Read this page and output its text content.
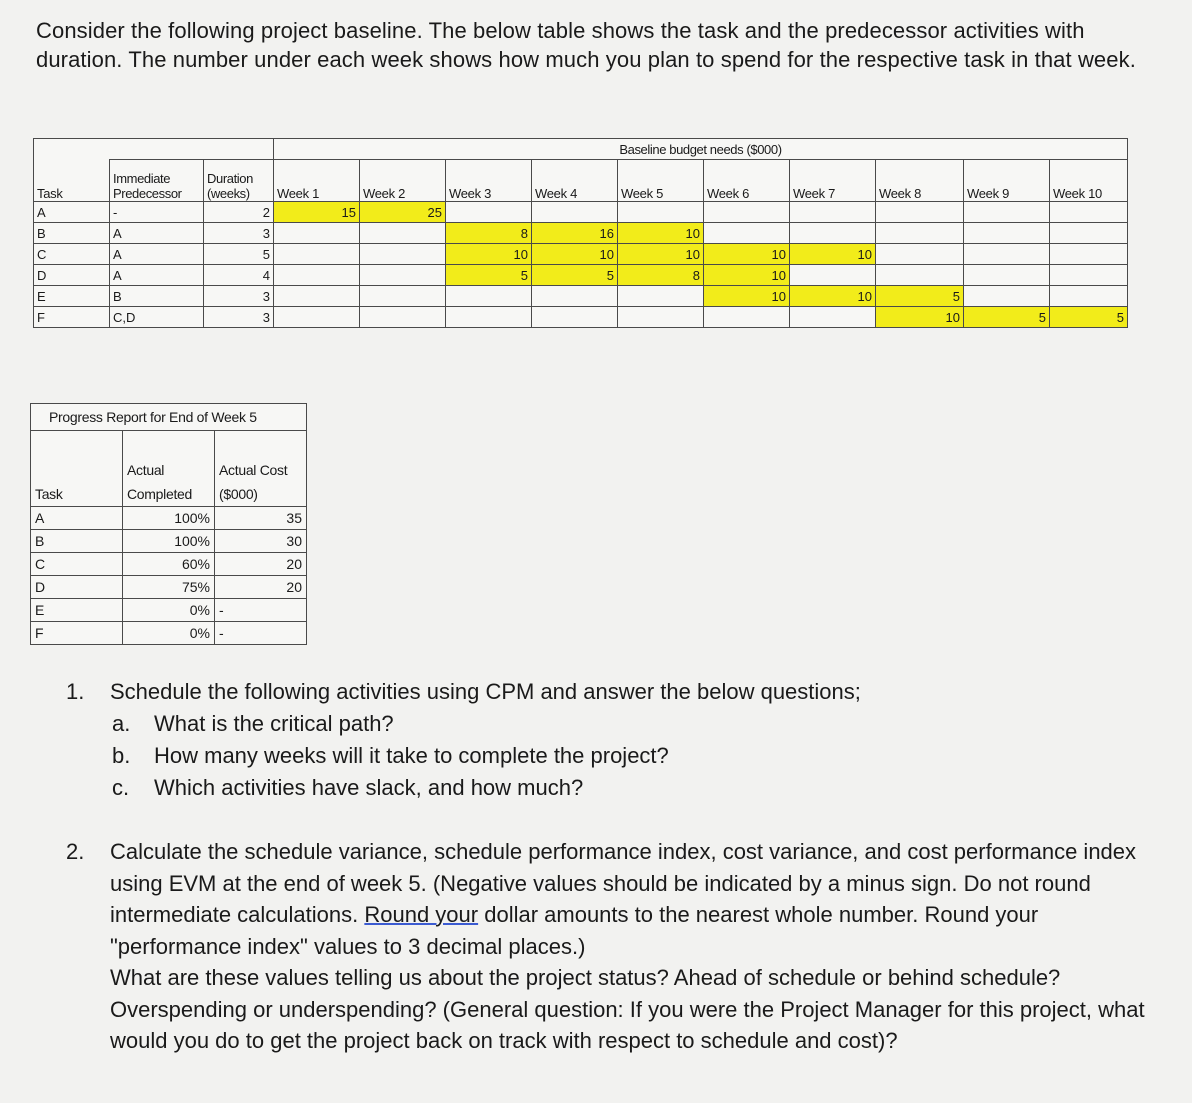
Consider the following project baseline. The below table shows the task and the predecessor activities with duration. The number under each week shows how much you plan to spend for the respective task in that week.
			Baseline budget needs ($000)									
Task	Immediate Predecessor	Duration (weeks)	Week 1	Week 2	Week 3	Week 4	Week 5	Week 6	Week 7	Week 8	Week 9	Week 10
A	-	2	15	25								
B	A	3			8	16	10					
C	A	5			10	10	10	10	10			
D	A	4			5	5	8	10				
E	B	3						10	10	5		
F	C,D	3								10	5	5
Progress Report for End of Week 5		
Task	Actual Completed	Actual Cost ($000)
A	100%	35
B	100%	30
C	60%	20
D	75%	20
E	0%	-
F	0%	-
1.	Schedule the following activities using CPM and answer the below questions;
a.	What is the critical path?
b.	How many weeks will it take to complete the project?
c.	Which activities have slack, and how much?
2.	Calculate the schedule variance, schedule performance index, cost variance, and cost performance index using EVM at the end of week 5. (Negative values should be indicated by a minus sign. Do not round intermediate calculations. Round your dollar amounts to the nearest whole number. Round your "performance index" values to 3 decimal places.)
What are these values telling us about the project status? Ahead of schedule or behind schedule? Overspending or underspending? (General question: If you were the Project Manager for this project, what would you do to get the project back on track with respect to schedule and cost)?
